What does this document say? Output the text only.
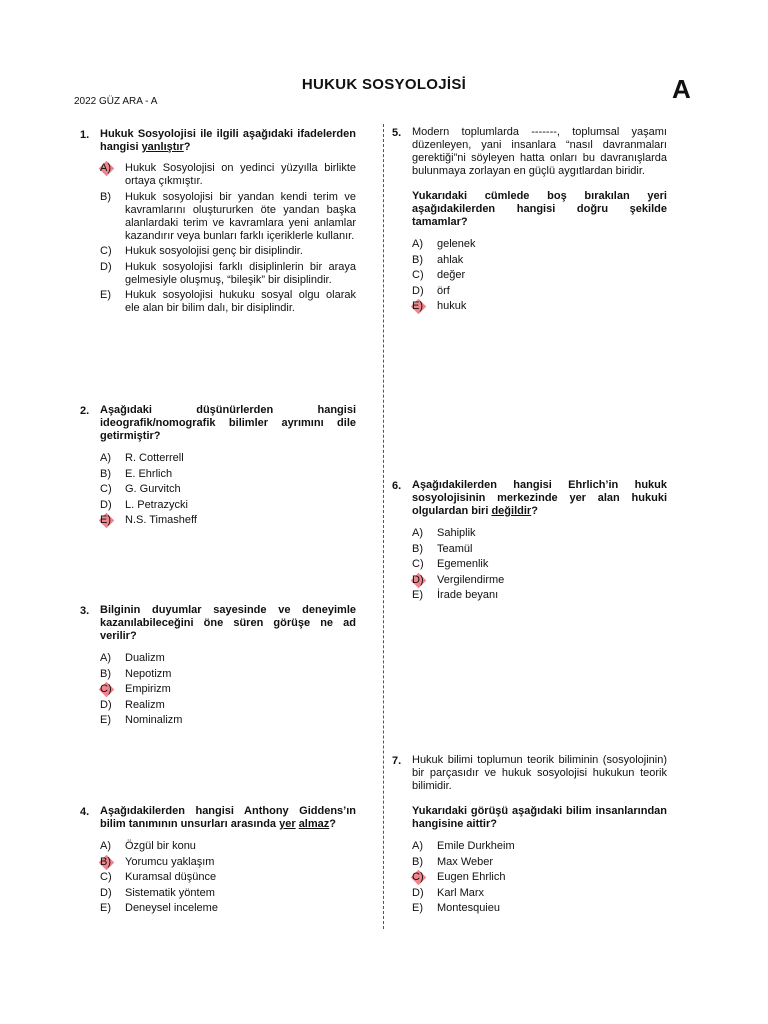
HUKUK SOSYOLOJİSİ
2022 GÜZ ARA - A	A
1. Hukuk Sosyolojisi ile ilgili aşağıdaki ifadelerden hangisi yanlıştır?
A)	Hukuk Sosyolojisi on yedinci yüzyılla birlikte ortaya çıkmıştır.
B)	Hukuk sosyolojisi bir yandan kendi terim ve kavramlarını oluştururken öte yandan başka alanlardaki terim ve kavramlara yeni anlamlar kazandırır veya bunları farklı içeriklerle kullanır.
C)	Hukuk sosyolojisi genç bir disiplindir.
D)	Hukuk sosyolojisi farklı disiplinlerin bir araya gelmesiyle oluşmuş, “bileşik” bir disiplindir.
E)	Hukuk sosyolojisi hukuku sosyal olgu olarak ele alan bir bilim dalı, bir disiplindir.
2. Aşağıdaki düşünürlerden hangisi ideografik/nomografik bilimler ayrımını dile getirmiştir?
A)	R. Cotterrell
B)	E. Ehrlich
C)	G. Gurvitch
D)	L. Petrazycki
E)	N.S. Timasheff
3. Bilginin duyumlar sayesinde ve deneyimle kazanılabileceğini öne süren görüşe ne ad verilir?
A)	Dualizm
B)	Nepotizm
C)	Empirizm
D)	Realizm
E)	Nominalizm
4. Aşağıdakilerden hangisi Anthony Giddens’ın bilim tanımının unsurları arasında yer almaz?
A)	Özgül bir konu
B)	Yorumcu yaklaşım
C)	Kuramsal düşünce
D)	Sistematik yöntem
E)	Deneysel inceleme
5. Modern toplumlarda -------, toplumsal yaşamı düzenleyen, yani insanlara “nasıl davranmaları gerektiği”ni söyleyen hatta onları bu davranışlarda bulunmaya zorlayan en güçlü aygıtlardan biridir.
Yukarıdaki cümlede boş bırakılan yeri aşağıdakilerden hangisi doğru şekilde tamamlar?
A)	gelenek
B)	ahlak
C)	değer
D)	örf
E)	hukuk
6. Aşağıdakilerden hangisi Ehrlich’in hukuk sosyolojisinin merkezinde yer alan hukuki olgulardan biri değildir?
A)	Sahiplik
B)	Teamül
C)	Egemenlik
D)	Vergilendirme
E)	İrade beyanı
7. Hukuk bilimi toplumun teorik biliminin (sosyolojinin) bir parçasıdır ve hukuk sosyolojisi hukukun teorik bilimidir.
Yukarıdaki görüşü aşağıdaki bilim insanlarından hangisine aittir?
A)	Emile Durkheim
B)	Max Weber
C)	Eugen Ehrlich
D)	Karl Marx
E)	Montesquieu
